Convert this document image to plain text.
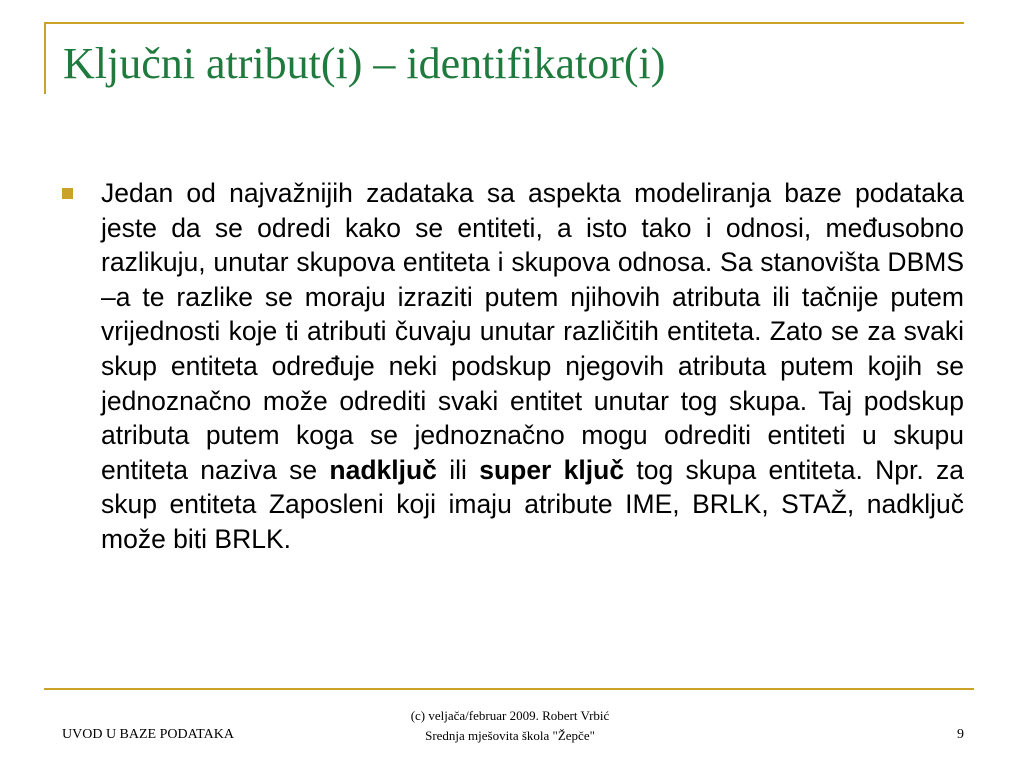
Ključni atribut(i) – identifikator(i)

Jedan od najvažnijih zadataka sa aspekta modeliranja baze podataka jeste da se odredi kako se entiteti, a isto tako i odnosi, međusobno razlikuju, unutar skupova entiteta i skupova odnosa. Sa stanovišta DBMS –a te razlike se moraju izraziti putem njihovih atributa ili tačnije putem vrijednosti koje ti atributi čuvaju unutar različitih entiteta. Zato se za svaki skup entiteta određuje neki podskup njegovih atributa putem kojih se jednoznačno može odrediti svaki entitet unutar tog skupa. Taj podskup atributa putem koga se jednoznačno mogu odrediti entiteti u skupu entiteta naziva se nadključ ili super ključ tog skupa entiteta. Npr. za skup entiteta Zaposleni koji imaju atribute IME, BRLK, STAŽ, nadključ može biti BRLK.

UVOD U BAZE PODATAKA
(c) veljača/februar 2009. Robert Vrbić
Srednja mješovita škola "Žepče"	9
